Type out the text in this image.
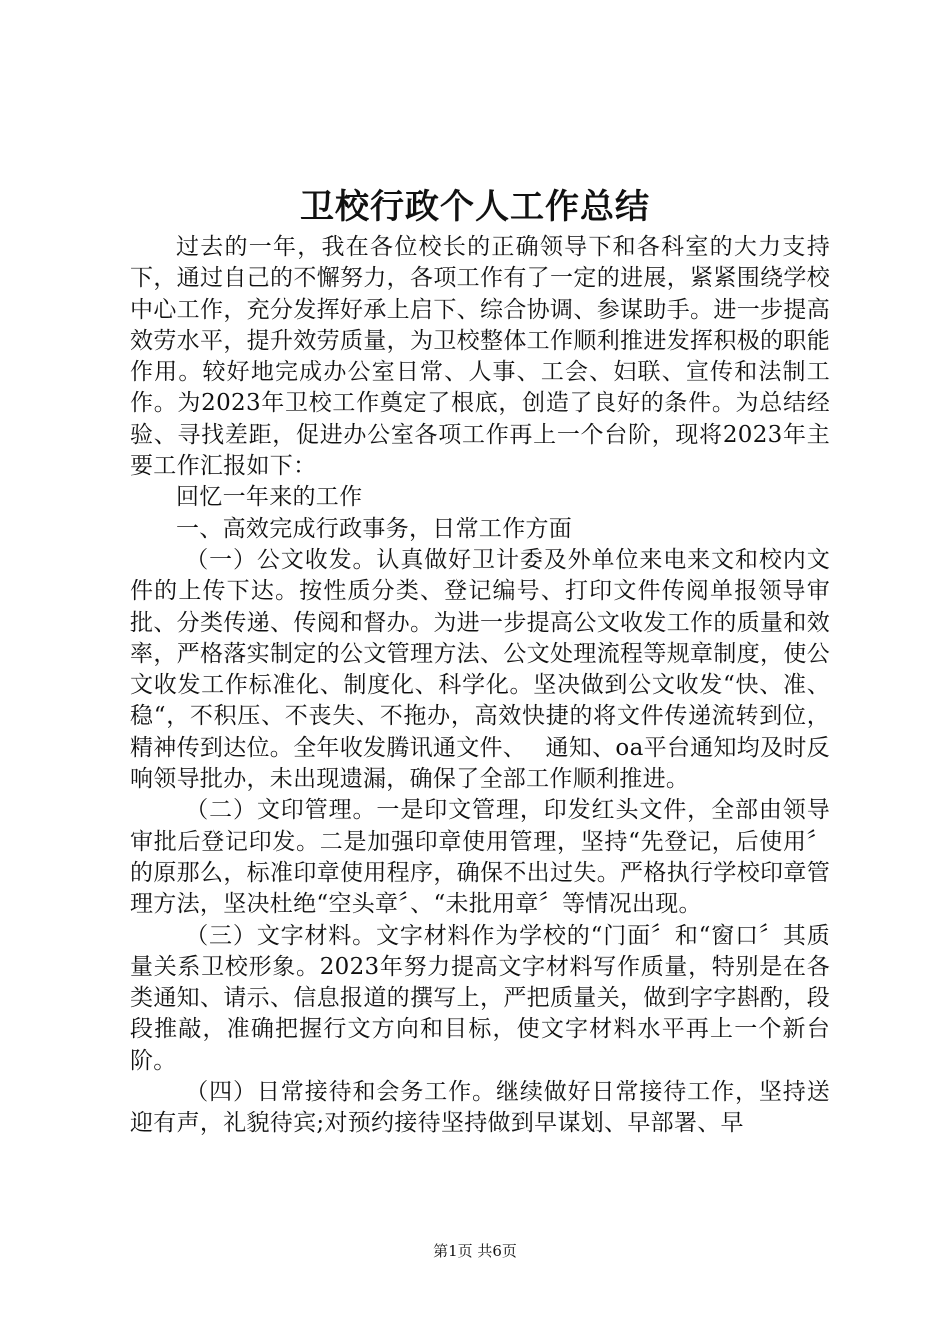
卫校行政个人工作总结

过去的一年，我在各位校长的正确领导下和各科室的大力支持下，通过自己的不懈努力，各项工作有了一定的进展，紧紧围绕学校中心工作，充分发挥好承上启下、综合协调、参谋助手。进一步提高效劳水平，提升效劳质量，为卫校整体工作顺利推进发挥积极的职能作用。较好地完成办公室日常、人事、工会、妇联、宣传和法制工作。为2023年卫校工作奠定了根底，创造了良好的条件。为总结经验、寻找差距，促进办公室各项工作再上一个台阶，现将2023年主要工作汇报如下：

回忆一年来的工作

一、高效完成行政事务，日常工作方面

（一）公文收发。认真做好卫计委及外单位来电来文和校内文件的上传下达。按性质分类、登记编号、打印文件传阅单报领导审批、分类传递、传阅和督办。为进一步提高公文收发工作的质量和效率，严格落实制定的公文管理方法、公文处理流程等规章制度，使公文收发工作标准化、制度化、科学化。坚决做到公文收发“快、准、稳“，不积压、不丧失、不拖办，高效快捷的将文件传递流转到位，精神传到达位。全年收发腾讯通文件、　 通知、oa平台通知均及时反响领导批办，未出现遗漏，确保了全部工作顺利推进。

（二）文印管理。一是印文管理，印发红头文件，全部由领导审批后登记印发。二是加强印章使用管理，坚持“先登记，后使用〞的原那么，标准印章使用程序，确保不出过失。严格执行学校印章管理方法，坚决杜绝“空头章〞、“未批用章〞等情况出现。

（三）文字材料。文字材料作为学校的“门面〞和“窗口〞其质量关系卫校形象。2023年努力提高文字材料写作质量，特别是在各类通知、请示、信息报道的撰写上，严把质量关，做到字字斟酌，段段推敲，准确把握行文方向和目标，使文字材料水平再上一个新台阶。

（四）日常接待和会务工作。继续做好日常接待工作，坚持送迎有声，礼貌待宾;对预约接待坚持做到早谋划、早部署、早

第1页 共6页
